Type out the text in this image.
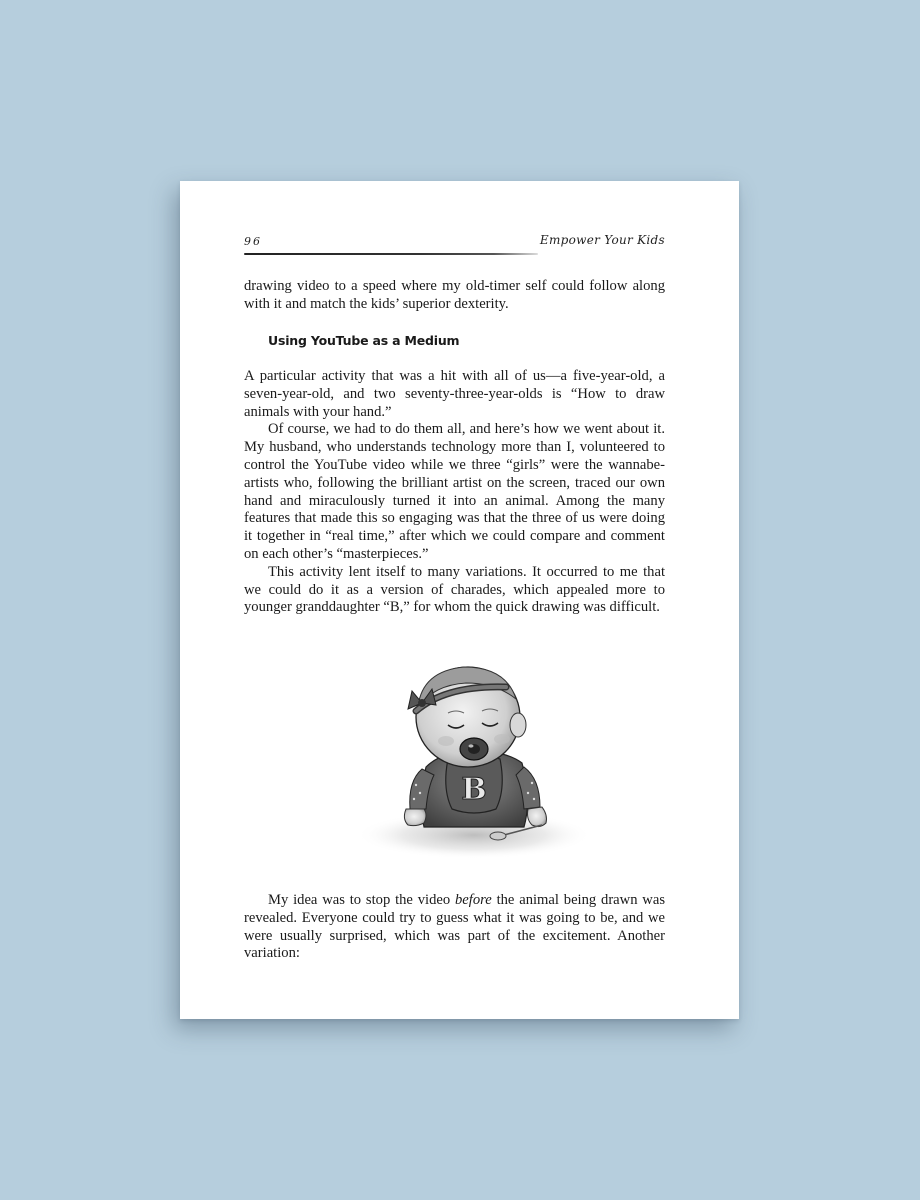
96	Empower Your Kids

drawing video to a speed where my old-timer self could follow along with it and match the kids’ superior dexterity.

Using YouTube as a Medium

A particular activity that was a hit with all of us—a five-year-old, a seven-year-old, and two seventy-three-year-olds is “How to draw animals with your hand.”

Of course, we had to do them all, and here’s how we went about it. My husband, who understands technology more than I, volunteered to control the YouTube video while we three “girls” were the wannabe-artists who, following the brilliant artist on the screen, traced our own hand and miraculously turned it into an animal. Among the many features that made this so engaging was that the three of us were doing it together in “real time,” after which we could compare and comment on each other’s “masterpieces.”

This activity lent itself to many variations. It occurred to me that we could do it as a version of charades, which appealed more to younger granddaughter “B,” for whom the quick drawing was difficult.

B

My idea was to stop the video before the animal being drawn was revealed. Everyone could try to guess what it was going to be, and we were usually surprised, which was part of the excitement. Another variation:
